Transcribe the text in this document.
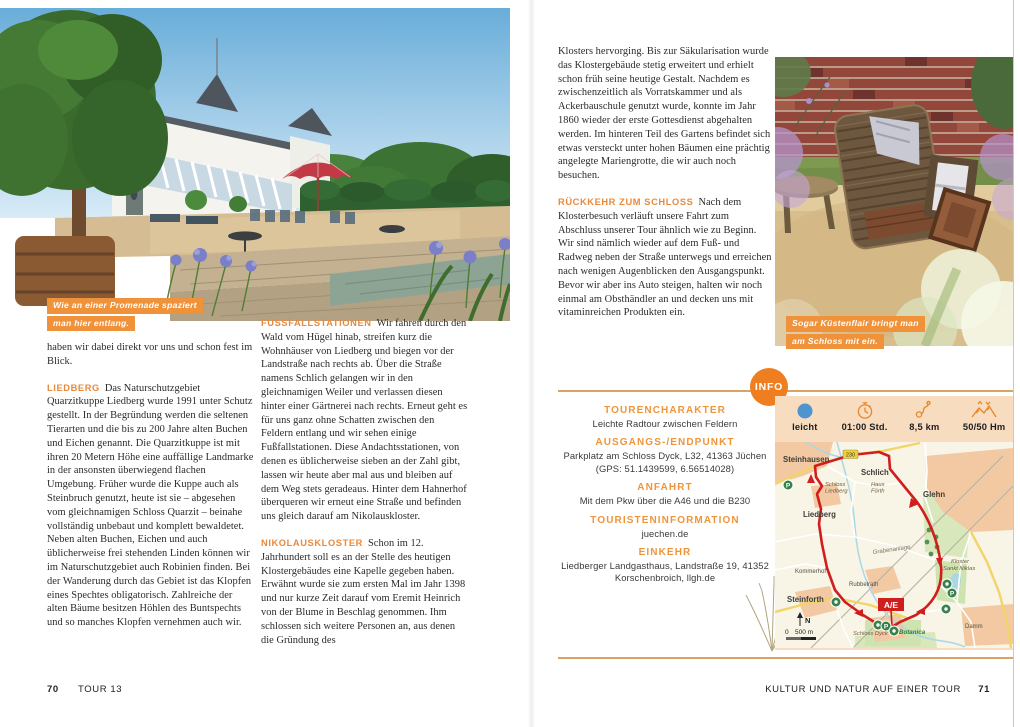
Wie an einer Promenade spaziert
man hier entlang.

haben wir dabei direkt vor uns und schon fest im Blick.

LIEDBERG Das Naturschutzgebiet Quarzitkuppe Liedberg wurde 1991 unter Schutz gestellt. In der Begründung werden die seltenen Tierarten und die bis zu 200 Jahre alten Buchen und Eichen genannt. Die Quarzitkuppe ist mit ihren 20 Metern Höhe eine auffällige Landmarke in der ansonsten überwiegend flachen Umgebung. Früher wurde die Kuppe auch als Steinbruch genutzt, heute ist sie – abgesehen vom gleichnamigen Schloss Quarzit – beinahe vollständig unbebaut und komplett bewaldetet. Neben alten Buchen, Eichen und auch üblicherweise frei stehenden Linden können wir im Naturschutzgebiet auch Robinien finden. Bei der Wanderung durch das Gebiet ist das Klopfen eines Spechtes obligatorisch. Zahlreiche der alten Bäume besitzen Höhlen des Buntspechts und so manches Klopfen vernehmen auch wir.

FUSSFALLSTATIONEN Wir fahren durch den Wald vom Hügel hinab, streifen kurz die Wohnhäuser von Liedberg und biegen vor der Landstraße nach rechts ab. Über die Straße namens Schlich gelangen wir in den gleichnamigen Weiler und verlassen diesen hinter einer Gärtnerei nach rechts. Erneut geht es für uns ganz ohne Schatten zwischen den Feldern entlang und wir sehen einige Fußfallstationen. Diese Andachtsstationen, von denen es üblicherweise sieben an der Zahl gibt, lassen wir heute aber mal aus und bleiben auf dem Weg stets geradeaus. Hinter dem Hahnerhof überqueren wir erneut eine Straße und befinden uns gleich darauf am Nikolauskloster.

NIKOLAUSKLOSTER Schon im 12. Jahrhundert soll es an der Stelle des heutigen Klostergebäudes eine Kapelle gegeben haben. Erwähnt wurde sie zum ersten Mal im Jahr 1398 und nur kurze Zeit darauf vom Eremit Heinrich von der Blume in Beschlag genommen. Ihm schlossen sich weitere Personen an, aus denen die Gründung des

70 TOUR 13

Klosters hervorging. Bis zur Säkularisation wurde das Klostergebäude stetig erweitert und erhielt schon früh seine heutige Gestalt. Nachdem es zwischenzeitlich als Vorratskammer und als Ackerbauschule genutzt wurde, konnte im Jahr 1860 wieder der erste Gottesdienst abgehalten werden. Im hinteren Teil des Gartens befindet sich etwas versteckt unter hohen Bäumen eine prächtig angelegte Mariengrotte, die wir auch noch besuchen.

RÜCKKEHR ZUM SCHLOSS Nach dem Klosterbesuch verläuft unsere Fahrt zum Abschluss unserer Tour ähnlich wie zu Beginn. Wir sind nämlich wieder auf dem Fuß- und Radweg neben der Straße unterwegs und erreichen nach wenigen Augenblicken den Ausgangspunkt. Bevor wir aber ins Auto steigen, halten wir noch einmal am Obsthändler an und decken uns mit vitaminreichen Produkten ein.

Sogar Küstenflair bringt man
am Schloss mit ein.
INFO
TOURENCHARAKTER
Leichte Radtour zwischen Feldern
AUSGANGS-/ENDPUNKT
Parkplatz am Schloss Dyck, L32, 41363 Jüchen (GPS: 51.1439599, 6.56514028)
ANFAHRT
Mit dem Pkw über die A46 und die B230
TOURISTENINFORMATION
juechen.de
EINKEHR
Liedberger Landgasthaus, Landstraße 19, 41352 Korschenbroich, llgh.de
leicht	01:00 Std.	8,5 km	50/50 Hm
A/E
230
P
P
P
Steinhausen
Schlich
Glehn
Liedberg
Steinforth
Damm
Schloss
Liedberg
Haus
Förth
Kloster
Sankt Niklas
Kommerhof
Rubbelrath
Grabenanlage
Schloss Dyck Botanica
N
0 500 m
KULTUR UND NATUR AUF EINER TOUR 71
